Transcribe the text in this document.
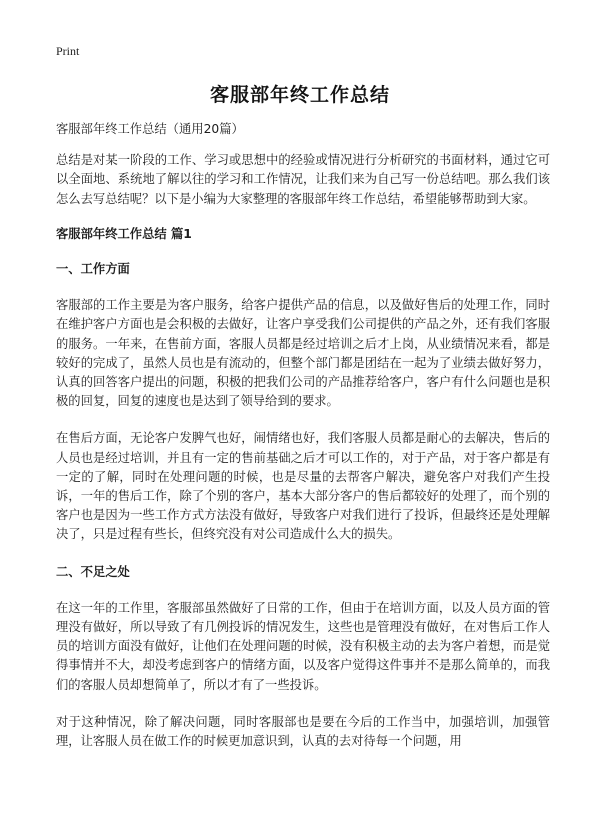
Print
客服部年终工作总结

客服部年终工作总结（通用20篇）

总结是对某一阶段的工作、学习或思想中的经验或情况进行分析研究的书面材料，通过它可以全面地、系统地了解以往的学习和工作情况，让我们来为自己写一份总结吧。那么我们该怎么去写总结呢？以下是小编为大家整理的客服部年终工作总结，希望能够帮助到大家。

客服部年终工作总结 篇1

一、工作方面

客服部的工作主要是为客户服务，给客户提供产品的信息，以及做好售后的处理工作，同时在维护客户方面也是会积极的去做好，让客户享受我们公司提供的产品之外，还有我们客服的服务。一年来，在售前方面，客服人员都是经过培训之后才上岗，从业绩情况来看，都是较好的完成了，虽然人员也是有流动的，但整个部门都是团结在一起为了业绩去做好努力，认真的回答客户提出的问题，积极的把我们公司的产品推荐给客户，客户有什么问题也是积极的回复，回复的速度也是达到了领导给到的要求。

在售后方面，无论客户发脾气也好，闹情绪也好，我们客服人员都是耐心的去解决，售后的人员也是经过培训，并且有一定的售前基础之后才可以工作的，对于产品，对于客户都是有一定的了解，同时在处理问题的时候，也是尽量的去帮客户解决，避免客户对我们产生投诉，一年的售后工作，除了个别的客户，基本大部分客户的售后都较好的处理了，而个别的客户也是因为一些工作方式方法没有做好，导致客户对我们进行了投诉，但最终还是处理解决了，只是过程有些长，但终究没有对公司造成什么大的损失。

二、不足之处

在这一年的工作里，客服部虽然做好了日常的工作，但由于在培训方面，以及人员方面的管理没有做好，所以导致了有几例投诉的情况发生，这些也是管理没有做好，在对售后工作人员的培训方面没有做好，让他们在处理问题的时候，没有积极主动的去为客户着想，而是觉得事情并不大，却没考虑到客户的情绪方面，以及客户觉得这件事并不是那么简单的，而我们的客服人员却想简单了，所以才有了一些投诉。

对于这种情况，除了解决问题，同时客服部也是要在今后的工作当中，加强培训，加强管理，让客服人员在做工作的时候更加意识到，认真的去对待每一个问题，用
